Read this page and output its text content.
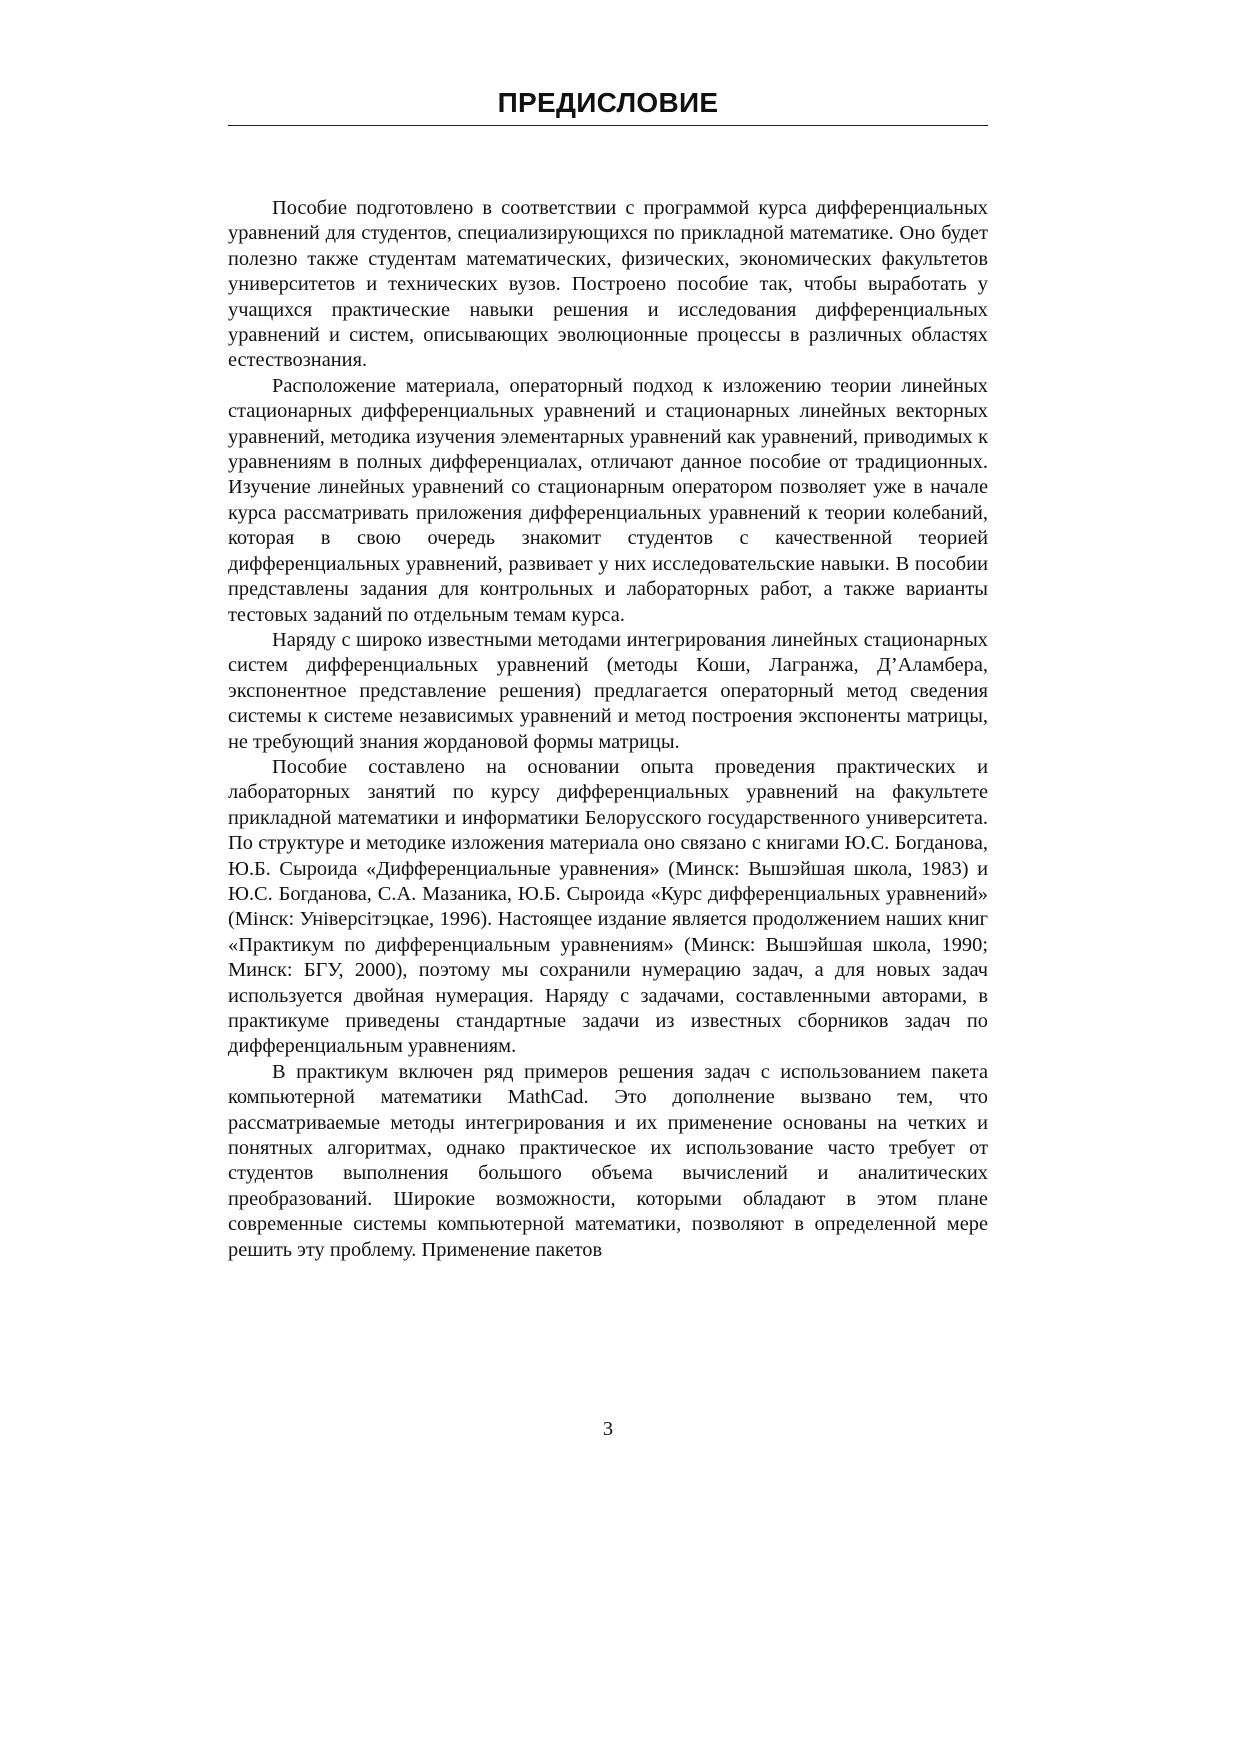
ПРЕДИСЛОВИЕ

Пособие подготовлено в соответствии с программой курса дифференциальных уравнений для студентов, специализирующихся по прикладной математике. Оно будет полезно также студентам математических, физических, экономических факультетов университетов и технических вузов. Построено пособие так, чтобы выработать у учащихся практические навыки решения и исследования дифференциальных уравнений и систем, описывающих эволюционные процессы в различных областях естествознания.

Расположение материала, операторный подход к изложению теории линейных стационарных дифференциальных уравнений и стационарных линейных векторных уравнений, методика изучения элементарных уравнений как уравнений, приводимых к уравнениям в полных дифференциалах, отличают данное пособие от традиционных. Изучение линейных уравнений со стационарным оператором позволяет уже в начале курса рассматривать приложения дифференциальных уравнений к теории колебаний, которая в свою очередь знакомит студентов с качественной теорией дифференциальных уравнений, развивает у них исследовательские навыки. В пособии представлены задания для контрольных и лабораторных работ, а также варианты тестовых заданий по отдельным темам курса.

Наряду с широко известными методами интегрирования линейных стационарных систем дифференциальных уравнений (методы Коши, Лагранжа, Д’Аламбера, экспонентное представление решения) предлагается операторный метод сведения системы к системе независимых уравнений и метод построения экспоненты матрицы, не требующий знания жордановой формы матрицы.

Пособие составлено на основании опыта проведения практических и лабораторных занятий по курсу дифференциальных уравнений на факультете прикладной математики и информатики Белорусского государственного университета. По структуре и методике изложения материала оно связано с книгами Ю.С. Богданова, Ю.Б. Сыроида «Дифференциальные уравнения» (Минск: Вышэйшая школа, 1983) и Ю.С. Богданова, С.А. Мазаника, Ю.Б. Сыроида «Курс дифференциальных уравнений» (Мінск: Універсітэцкае, 1996). Настоящее издание является продолжением наших книг «Практикум по дифференциальным уравнениям» (Минск: Вышэйшая школа, 1990; Минск: БГУ, 2000), поэтому мы сохранили нумерацию задач, а для новых задач используется двойная нумерация. Наряду с задачами, составленными авторами, в практикуме приведены стандартные задачи из известных сборников задач по дифференциальным уравнениям.

В практикум включен ряд примеров решения задач с использованием пакета компьютерной математики MathCad. Это дополнение вызвано тем, что рассматриваемые методы интегрирования и их применение основаны на четких и понятных алгоритмах, однако практическое их использование часто требует от студентов выполнения большого объема вычислений и аналитических преобразований. Широкие возможности, которыми обладают в этом плане современные системы компьютерной математики, позволяют в определенной мере решить эту проблему. Применение пакетов

3
